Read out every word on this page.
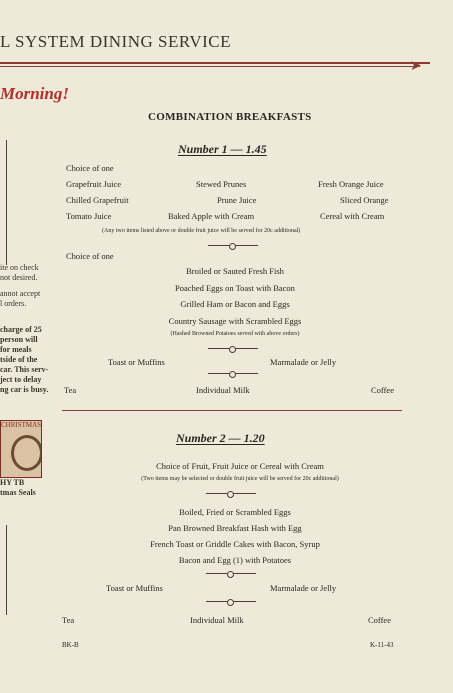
L SYSTEM DINING SERVICE
➤
Morning!
ite on check
not desired.
annot accept
l orders.
charge of 25
person will
for meals
tside of the
car. This serv-
ject to delay
ng car is busy.
CHRISTMAS
HY TB
tmas Seals
COMBINATION BREAKFASTS
Number 1 — 1.45
Choice of one
Grapefruit Juice	Stewed Prunes	Fresh Orange Juice
Chilled Grapefruit	Prune Juice	Sliced Orange
Tomato Juice	Baked Apple with Cream	Cereal with Cream
(Any two items listed above or double fruit juice will be served for 20c additional)
Choice of one
Broiled or Sauted Fresh Fish
Poached Eggs on Toast with Bacon
Grilled Ham or Bacon and Eggs
Country Sausage with Scrambled Eggs
(Hashed Browned Potatoes served with above orders)
Toast or Muffins	Marmalade or Jelly
Tea	Individual Milk	Coffee
Number 2 — 1.20
Choice of Fruit, Fruit Juice or Cereal with Cream
(Two items may be selected or double fruit juice will be served for 20c additional)
Boiled, Fried or Scrambled Eggs
Pan Browned Breakfast Hash with Egg
French Toast or Griddle Cakes with Bacon, Syrup
Bacon and Egg (1) with Potatoes
Toast or Muffins	Marmalade or Jelly
Tea	Individual Milk	Coffee
BK-B	K-11-43
